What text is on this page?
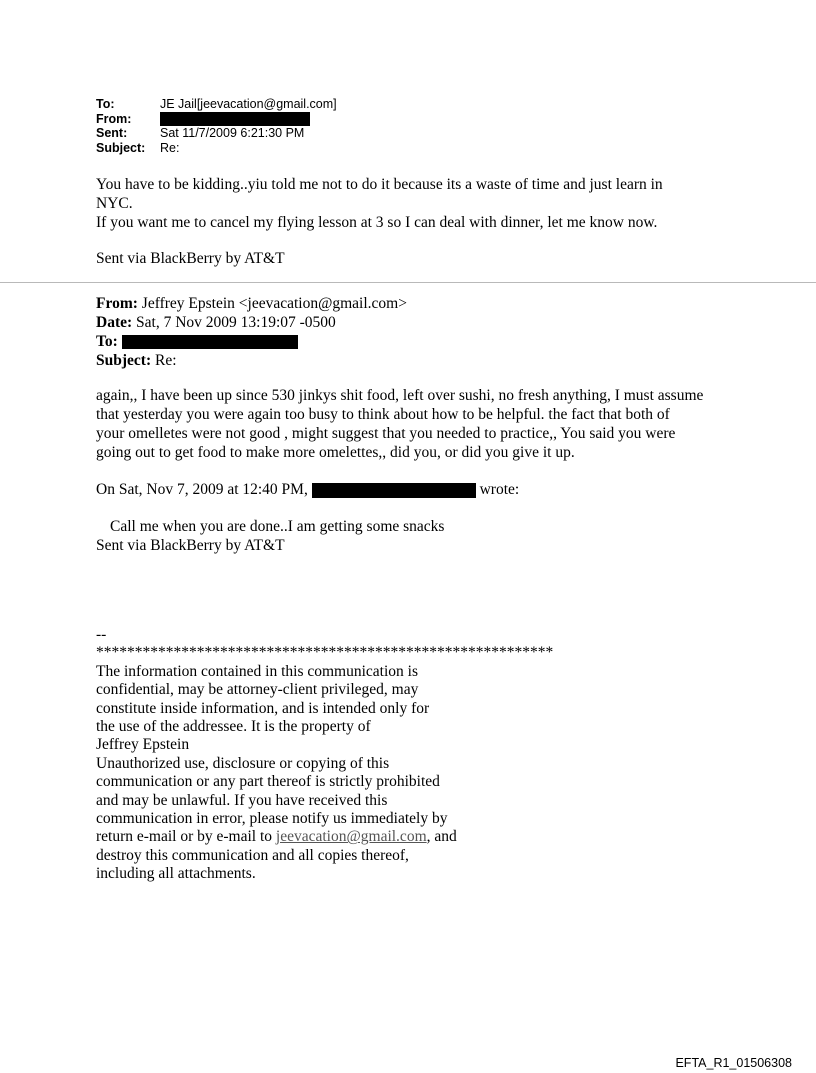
To:	JE Jail[jeevacation@gmail.com]
From:
Sent:	Sat 11/7/2009 6:21:30 PM
Subject:	Re:
You have to be kidding..yiu told me not to do it because its a waste of time and just learn in
NYC.
If you want me to cancel my flying lesson at 3 so I can deal with dinner, let me know now.
Sent via BlackBerry by AT&T
From: Jeffrey Epstein <jeevacation@gmail.com>
Date: Sat, 7 Nov 2009 13:19:07 -0500
To:
Subject: Re:
again,, I have been up since 530 jinkys shit food, left over sushi, no fresh anything, I must assume
that yesterday you were again too busy to think about how to be helpful. the fact that both of
your omelletes were not good , might suggest that you needed to practice,, You said you were
going out to get food to make more omelettes,, did you, or did you give it up.
On Sat, Nov 7, 2009 at 12:40 PM,	wrote:
Call me when you are done..I am getting some snacks
Sent via BlackBerry by AT&T
--
***********************************************************
The information contained in this communication is
confidential, may be attorney-client privileged, may
constitute inside information, and is intended only for
the use of the addressee. It is the property of
Jeffrey Epstein
Unauthorized use, disclosure or copying of this
communication or any part thereof is strictly prohibited
and may be unlawful. If you have received this
communication in error, please notify us immediately by
return e-mail or by e-mail to jeevacation@gmail.com, and
destroy this communication and all copies thereof,
including all attachments.
EFTA_R1_01506308
